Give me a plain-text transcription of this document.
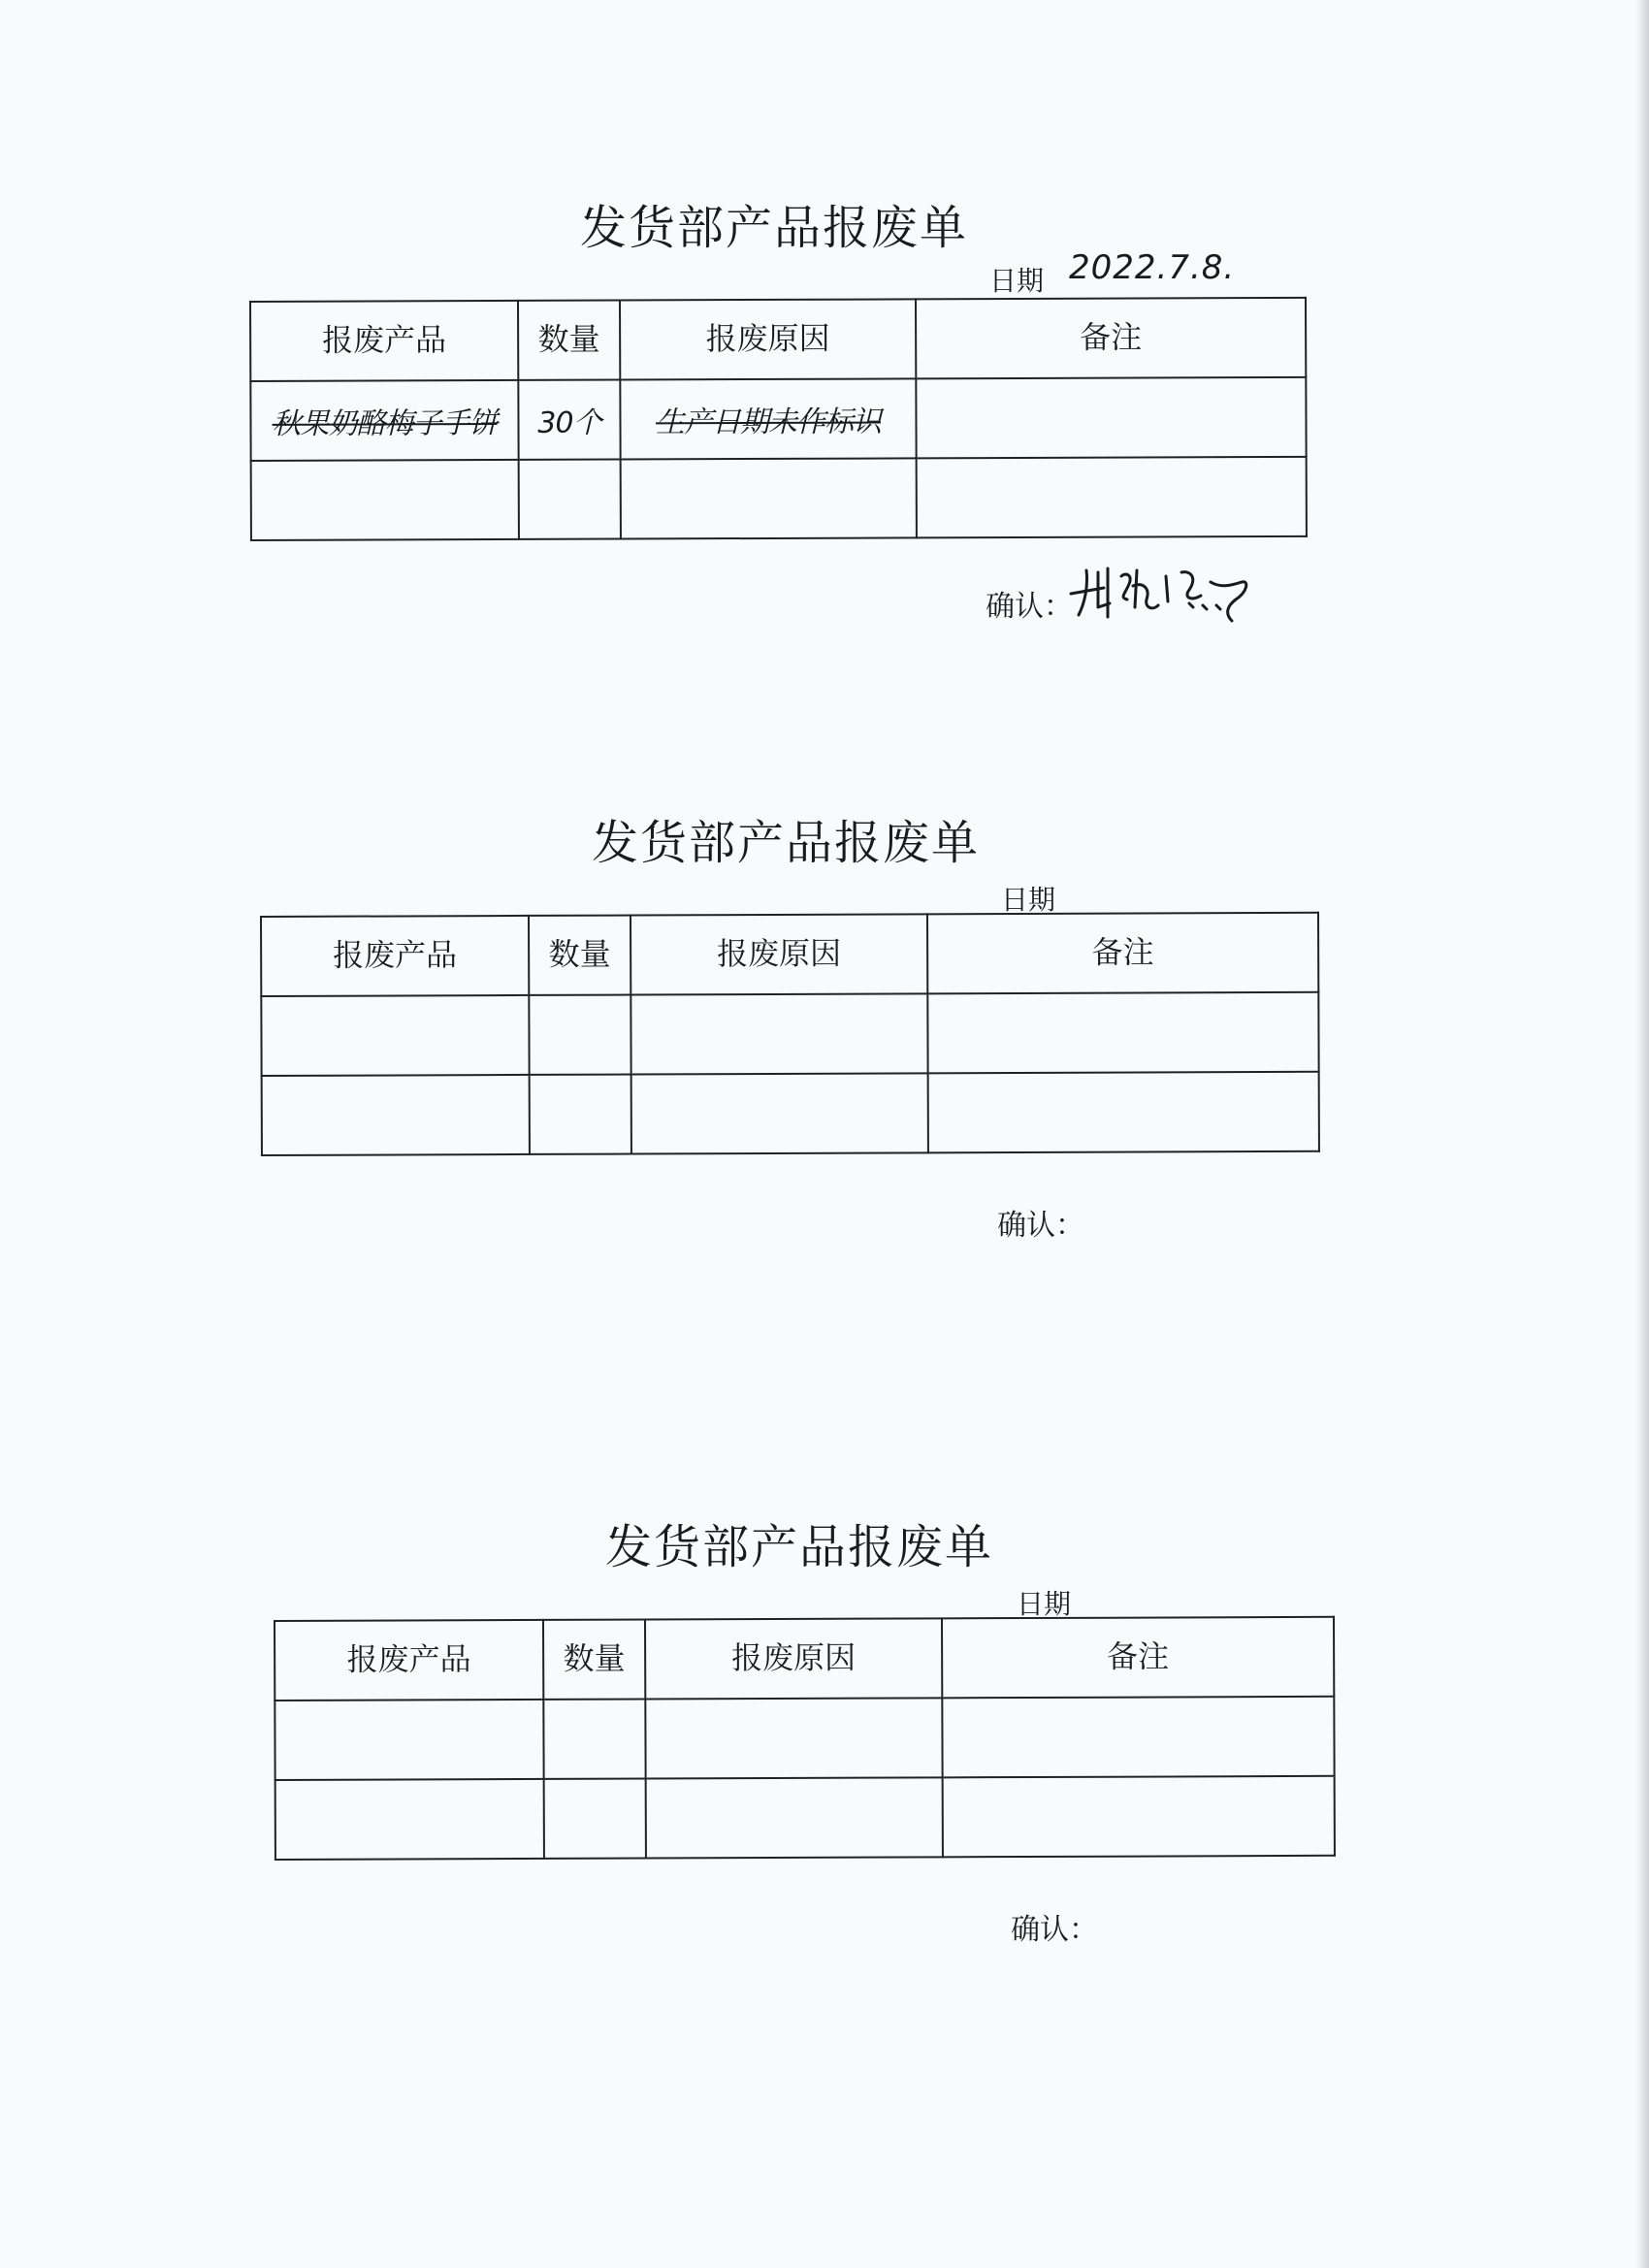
发货部产品报废单
日期 2022.7.8.
报废产品	数量	报废原因	备注
秋果奶酪梅子手饼	30个	生产日期未作标识	

确认：
发货部产品报废单
日期
报废产品	数量	报废原因	备注

确认：
发货部产品报废单
日期
报废产品	数量	报废原因	备注

确认：
